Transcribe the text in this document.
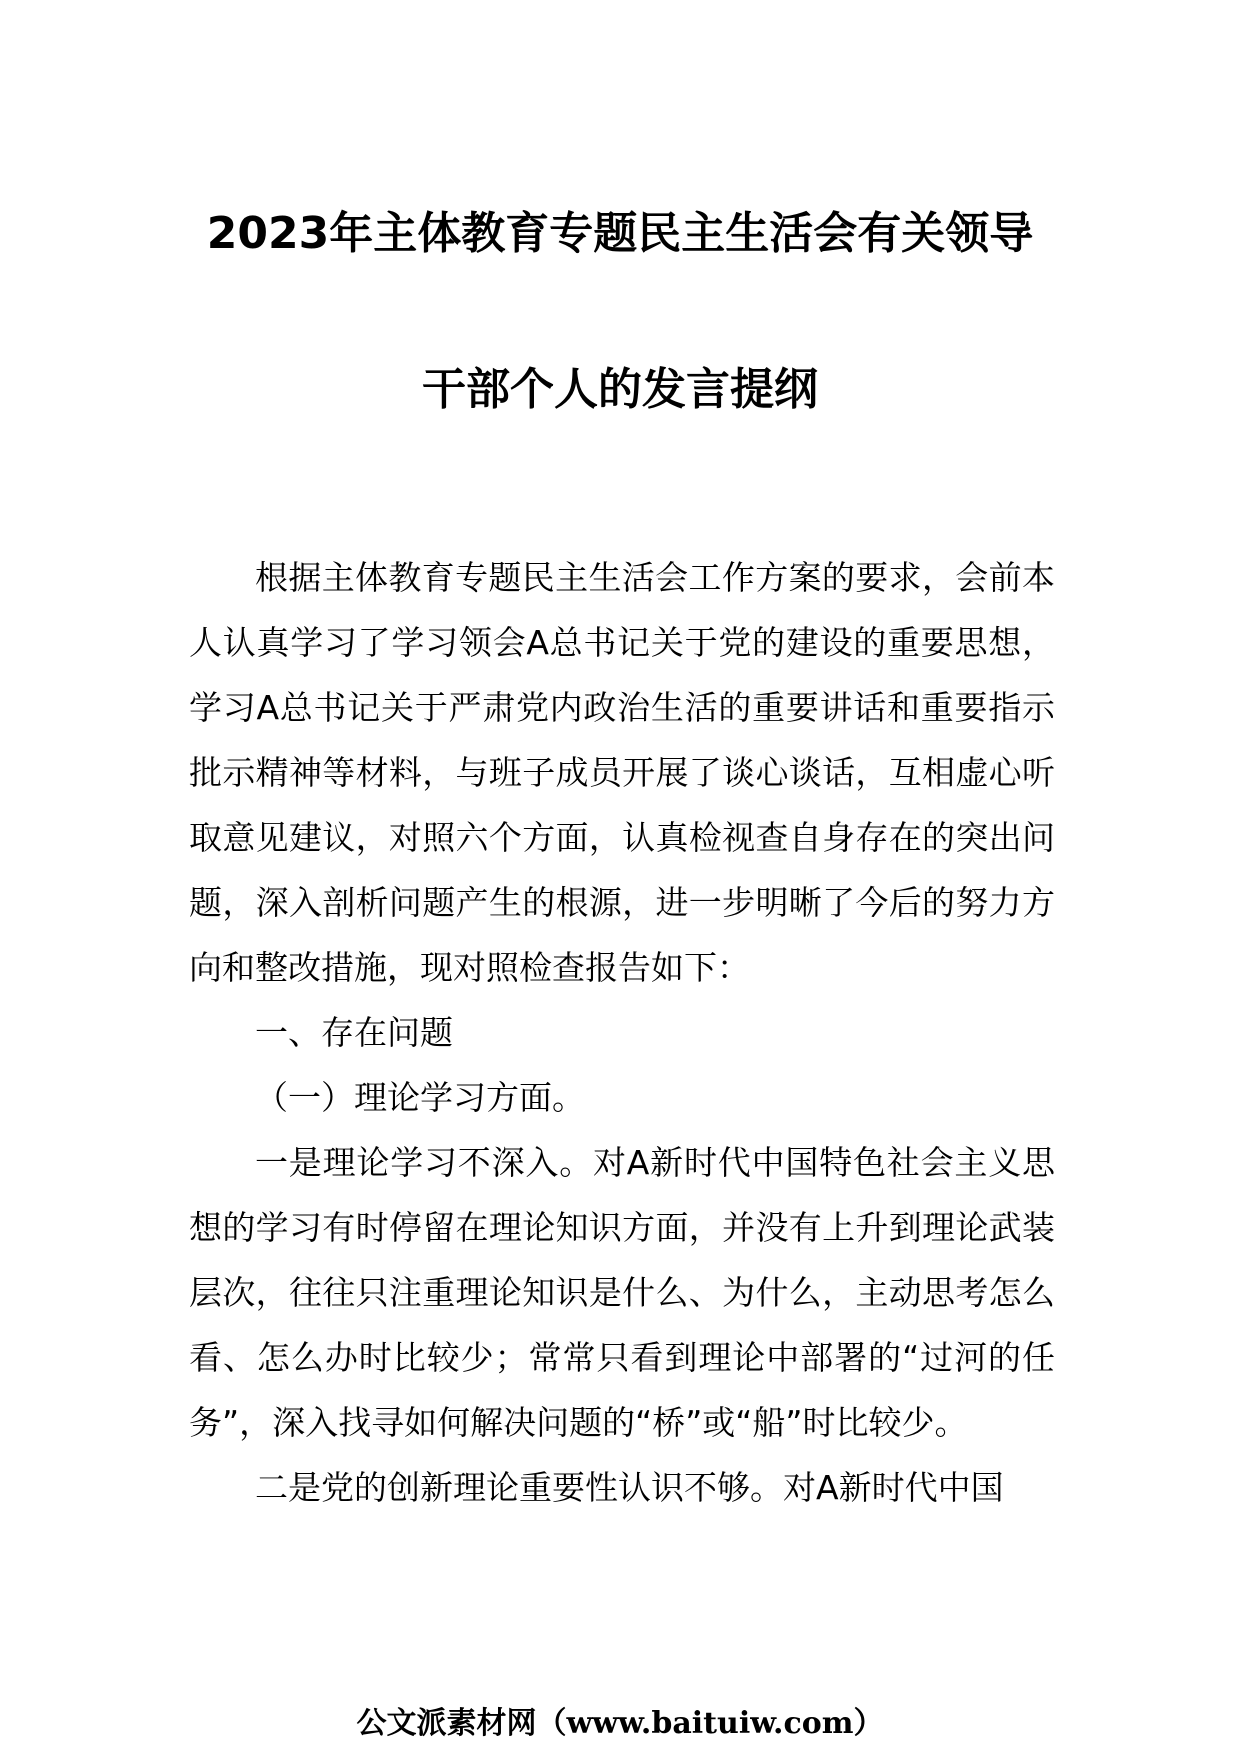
2023年主体教育专题民主生活会有关领导
干部个人的发言提纲

根据主体教育专题民主生活会工作方案的要求，会前本人认真学习了学习领会A总书记关于党的建设的重要思想，学习A总书记关于严肃党内政治生活的重要讲话和重要指示批示精神等材料，与班子成员开展了谈心谈话，互相虚心听取意见建议，对照六个方面，认真检视查自身存在的突出问题，深入剖析问题产生的根源，进一步明晰了今后的努力方向和整改措施，现对照检查报告如下：

一、存在问题

（一）理论学习方面。

一是理论学习不深入。对A新时代中国特色社会主义思想的学习有时停留在理论知识方面，并没有上升到理论武装层次，往往只注重理论知识是什么、为什么，主动思考怎么看、怎么办时比较少；常常只看到理论中部署的“过河的任务”，深入找寻如何解决问题的“桥”或“船”时比较少。

二是党的创新理论重要性认识不够。对A新时代中国

公文派素材网（www.baituiw.com）
